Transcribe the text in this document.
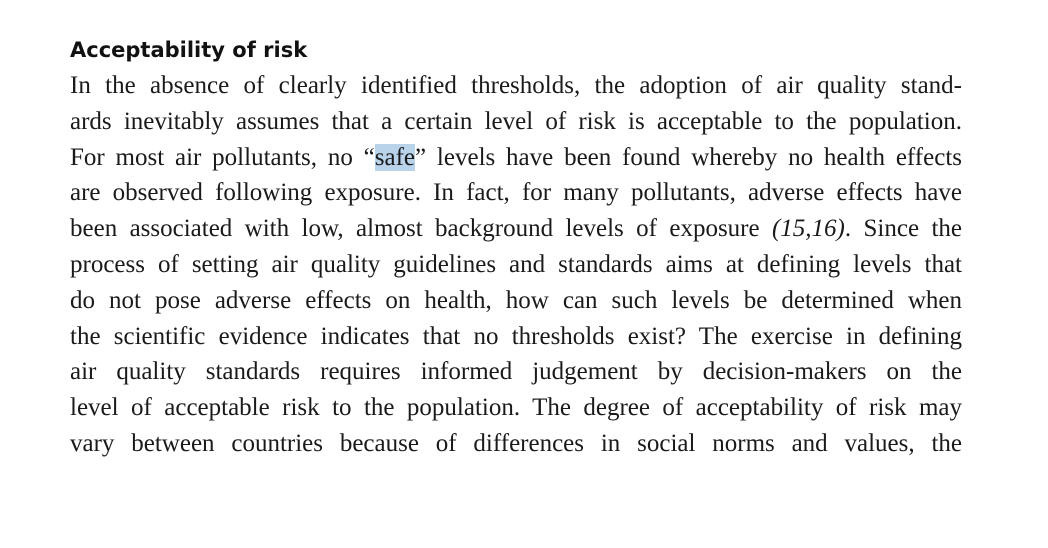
Acceptability of risk
In the absence of clearly identified thresholds, the adoption of air quality stand-
ards inevitably assumes that a certain level of risk is acceptable to the population.
For most air pollutants, no “safe” levels have been found whereby no health effects
are observed following exposure. In fact, for many pollutants, adverse effects have
been associated with low, almost background levels of exposure (15,16). Since the
process of setting air quality guidelines and standards aims at defining levels that
do not pose adverse effects on health, how can such levels be determined when
the scientific evidence indicates that no thresholds exist? The exercise in defining
air quality standards requires informed judgement by decision-makers on the
level of acceptable risk to the population. The degree of acceptability of risk may
vary between countries because of differences in social norms and values, the
